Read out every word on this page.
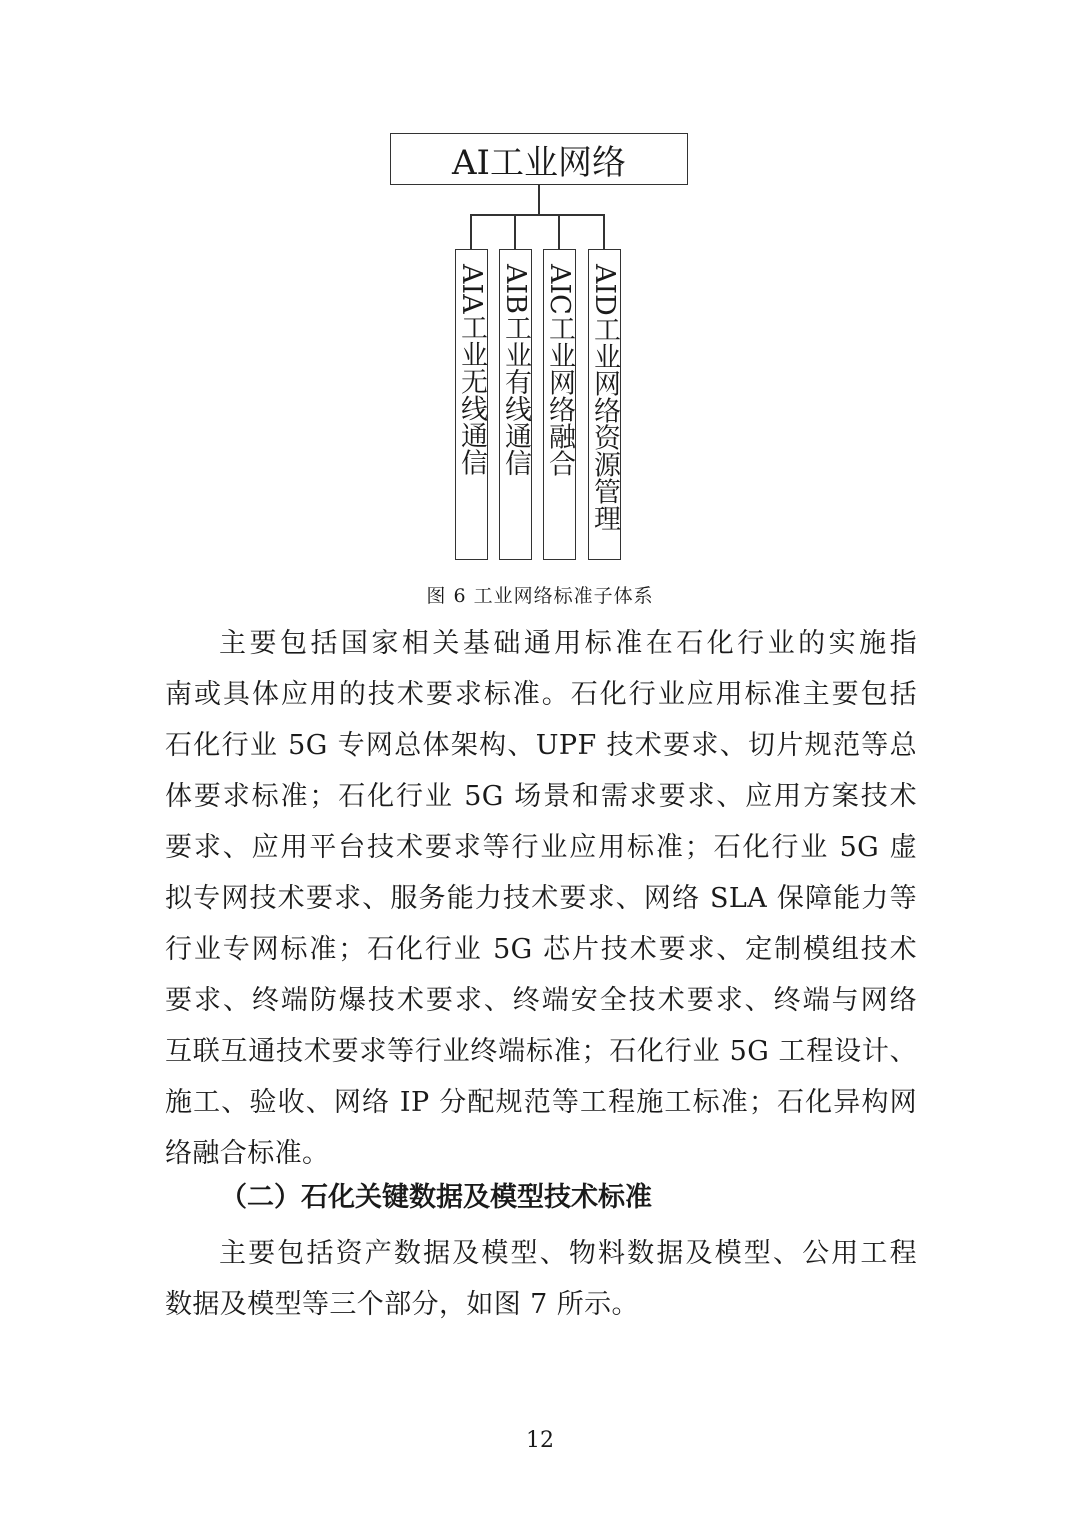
AI工业网络
AIA工业无线通信
AIB工业有线通信
AIC工业网络融合
AID工业网络资源管理
图 6 工业网络标准子体系
主要包括国家相关基础通用标准在石化行业的实施指
南或具体应用的技术要求标准。石化行业应用标准主要包括
石化行业 5G 专网总体架构、UPF 技术要求、切片规范等总
体要求标准；石化行业 5G 场景和需求要求、应用方案技术
要求、应用平台技术要求等行业应用标准；石化行业 5G 虚
拟专网技术要求、服务能力技术要求、网络 SLA 保障能力等
行业专网标准；石化行业 5G 芯片技术要求、定制模组技术
要求、终端防爆技术要求、终端安全技术要求、终端与网络
互联互通技术要求等行业终端标准；石化行业 5G 工程设计、
施工、验收、网络 IP 分配规范等工程施工标准；石化异构网
络融合标准。
（二）石化关键数据及模型技术标准
主要包括资产数据及模型、物料数据及模型、公用工程
数据及模型等三个部分，如图 7 所示。
12
